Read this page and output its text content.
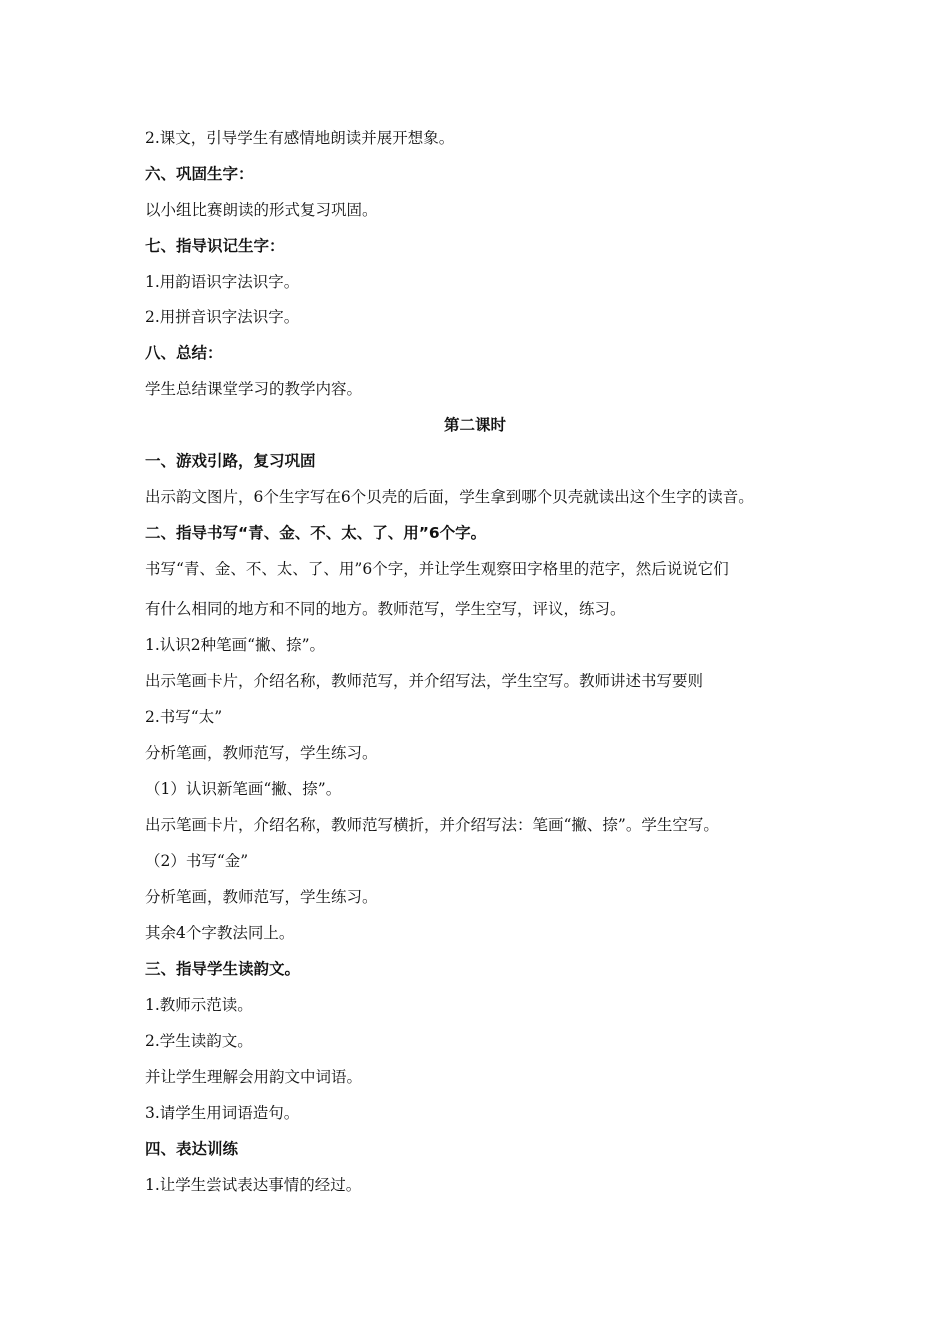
2.课文，引导学生有感情地朗读并展开想象。
六、巩固生字：
以小组比赛朗读的形式复习巩固。
七、指导识记生字：
1.用韵语识字法识字。
2.用拼音识字法识字。
八、总结：
学生总结课堂学习的教学内容。
第二课时
一、游戏引路，复习巩固
出示韵文图片，6个生字写在6个贝壳的后面，学生拿到哪个贝壳就读出这个生字的读音。
二、指导书写“青、金、不、太、了、用”6个字。
书写“青、金、不、太、了、用”6个字，并让学生观察田字格里的范字，然后说说它们
有什么相同的地方和不同的地方。教师范写，学生空写，评议，练习。
1.认识2种笔画“撇、捺”。
出示笔画卡片，介绍名称，教师范写，并介绍写法，学生空写。教师讲述书写要则
2.书写“太”
分析笔画，教师范写，学生练习。
（1）认识新笔画“撇、捺”。
出示笔画卡片，介绍名称，教师范写横折，并介绍写法：笔画“撇、捺”。学生空写。
（2）书写“金”
分析笔画，教师范写，学生练习。
其余4个字教法同上。
三、指导学生读韵文。
1.教师示范读。
2.学生读韵文。
并让学生理解会用韵文中词语。
3.请学生用词语造句。
四、表达训练
1.让学生尝试表达事情的经过。
